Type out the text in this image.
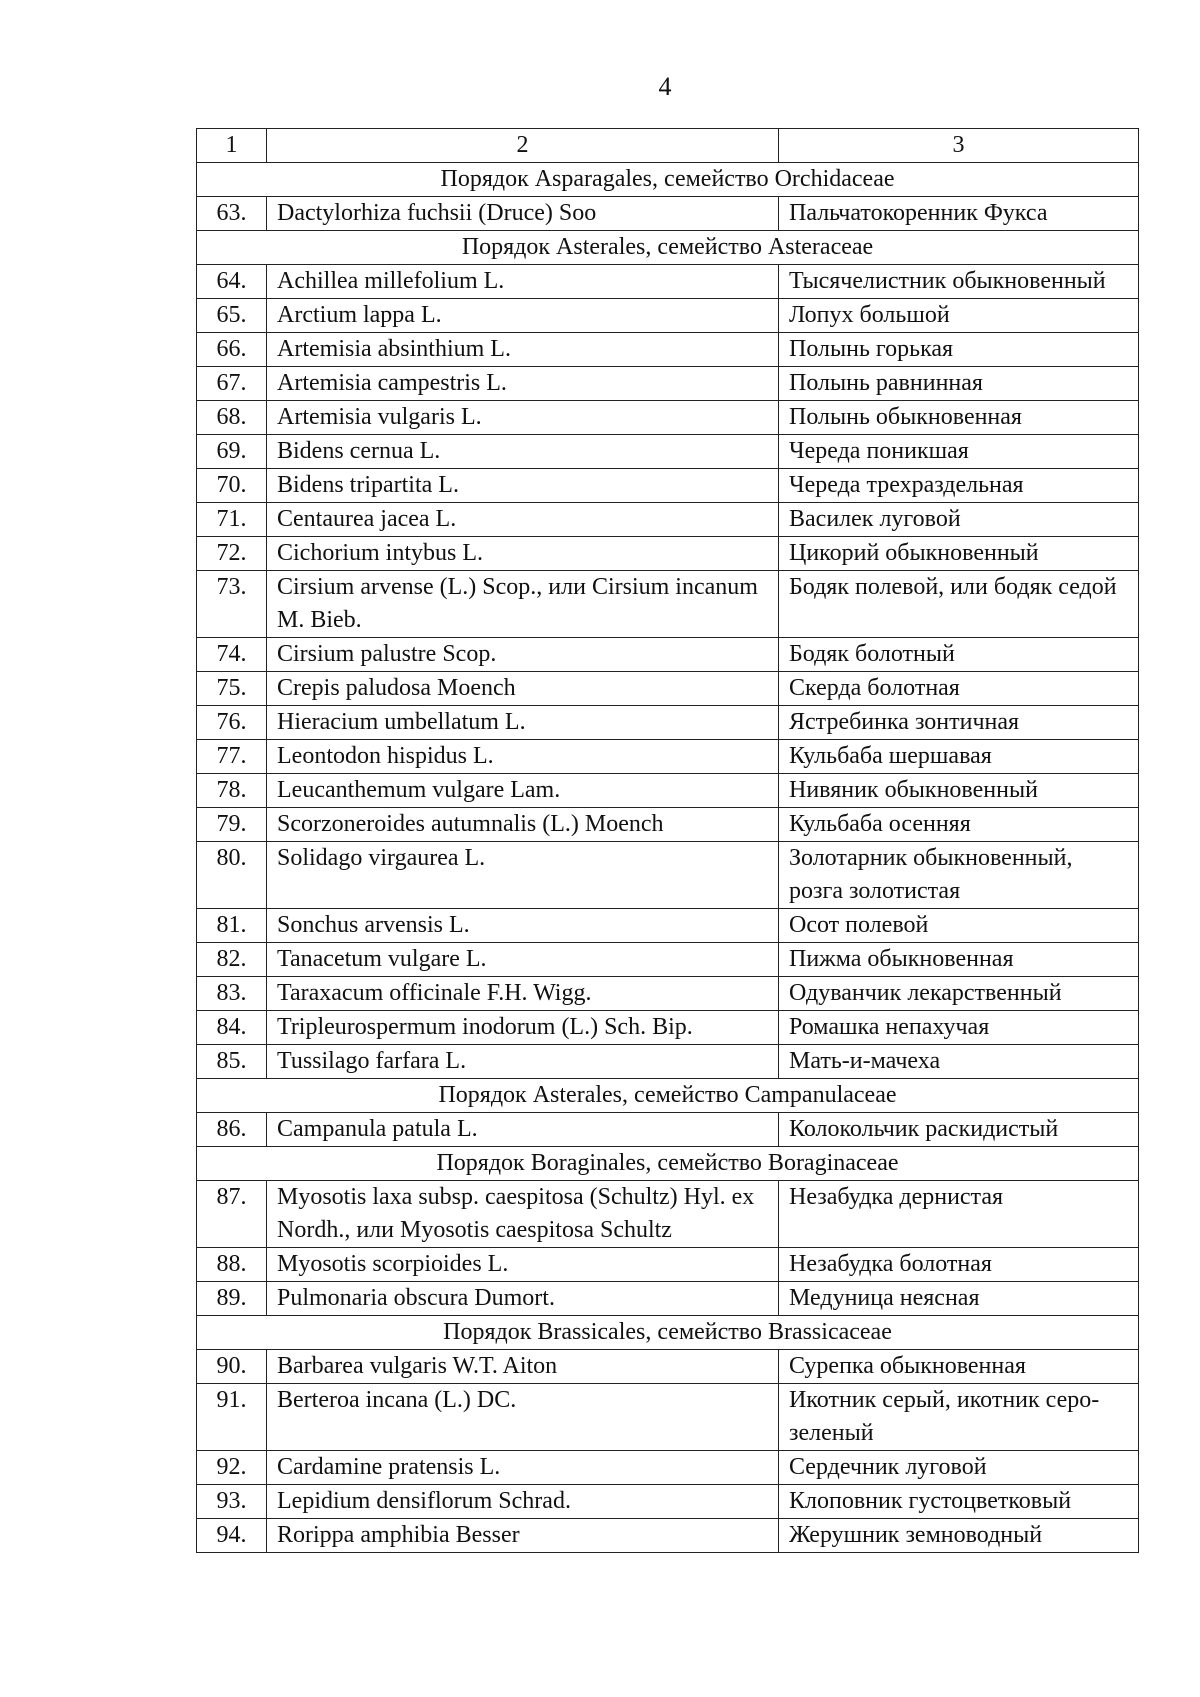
4
1	2	3
Порядок Asparagales, семейство Orchidaceae		
63.	Dactylorhiza fuchsii (Druce) Soo	Пальчатокоренник Фукса
Порядок Asterales, семейство Asteraceae		
64.	Achillea millefolium L.	Тысячелистник обыкновенный
65.	Arctium lappa L.	Лопух большой
66.	Artemisia absinthium L.	Полынь горькая
67.	Artemisia campestris L.	Полынь равнинная
68.	Artemisia vulgaris L.	Полынь обыкновенная
69.	Bidens cernua L.	Череда поникшая
70.	Bidens tripartita L.	Череда трехраздельная
71.	Centaurea jacea L.	Василек луговой
72.	Cichorium intybus L.	Цикорий обыкновенный
73.	Cirsium arvense (L.) Scop., или Cirsium incanum M. Bieb.	Бодяк полевой, или бодяк седой
74.	Cirsium palustre Scop.	Бодяк болотный
75.	Crepis paludosa Moench	Скерда болотная
76.	Hieracium umbellatum L.	Ястребинка зонтичная
77.	Leontodon hispidus L.	Кульбаба шершавая
78.	Leucanthemum vulgare Lam.	Нивяник обыкновенный
79.	Scorzoneroides autumnalis (L.) Moench	Кульбаба осенняя
80.	Solidago virgaurea L.	Золотарник обыкновенный, розга золотистая
81.	Sonchus arvensis L.	Осот полевой
82.	Tanacetum vulgare L.	Пижма обыкновенная
83.	Taraxacum officinale F.H. Wigg.	Одуванчик лекарственный
84.	Tripleurospermum inodorum (L.) Sch. Bip.	Ромашка непахучая
85.	Tussilago farfara L.	Мать-и-мачеха
Порядок Asterales, семейство Campanulaceae		
86.	Campanula patula L.	Колокольчик раскидистый
Порядок Boraginales, семейство Boraginaceae		
87.	Myosotis laxa subsp. caespitosa (Schultz) Hyl. ex Nordh., или Myosotis caespitosa Schultz	Незабудка дернистая
88.	Myosotis scorpioides L.	Незабудка болотная
89.	Pulmonaria obscura Dumort.	Медуница неясная
Порядок Brassicales, семейство Brassicaceae		
90.	Barbarea vulgaris W.T. Aiton	Сурепка обыкновенная
91.	Berteroa incana (L.) DC.	Икотник серый, икотник серо-зеленый
92.	Cardamine pratensis L.	Сердечник луговой
93.	Lepidium densiflorum Schrad.	Клоповник густоцветковый
94.	Rorippa amphibia Besser	Жерушник земноводный
